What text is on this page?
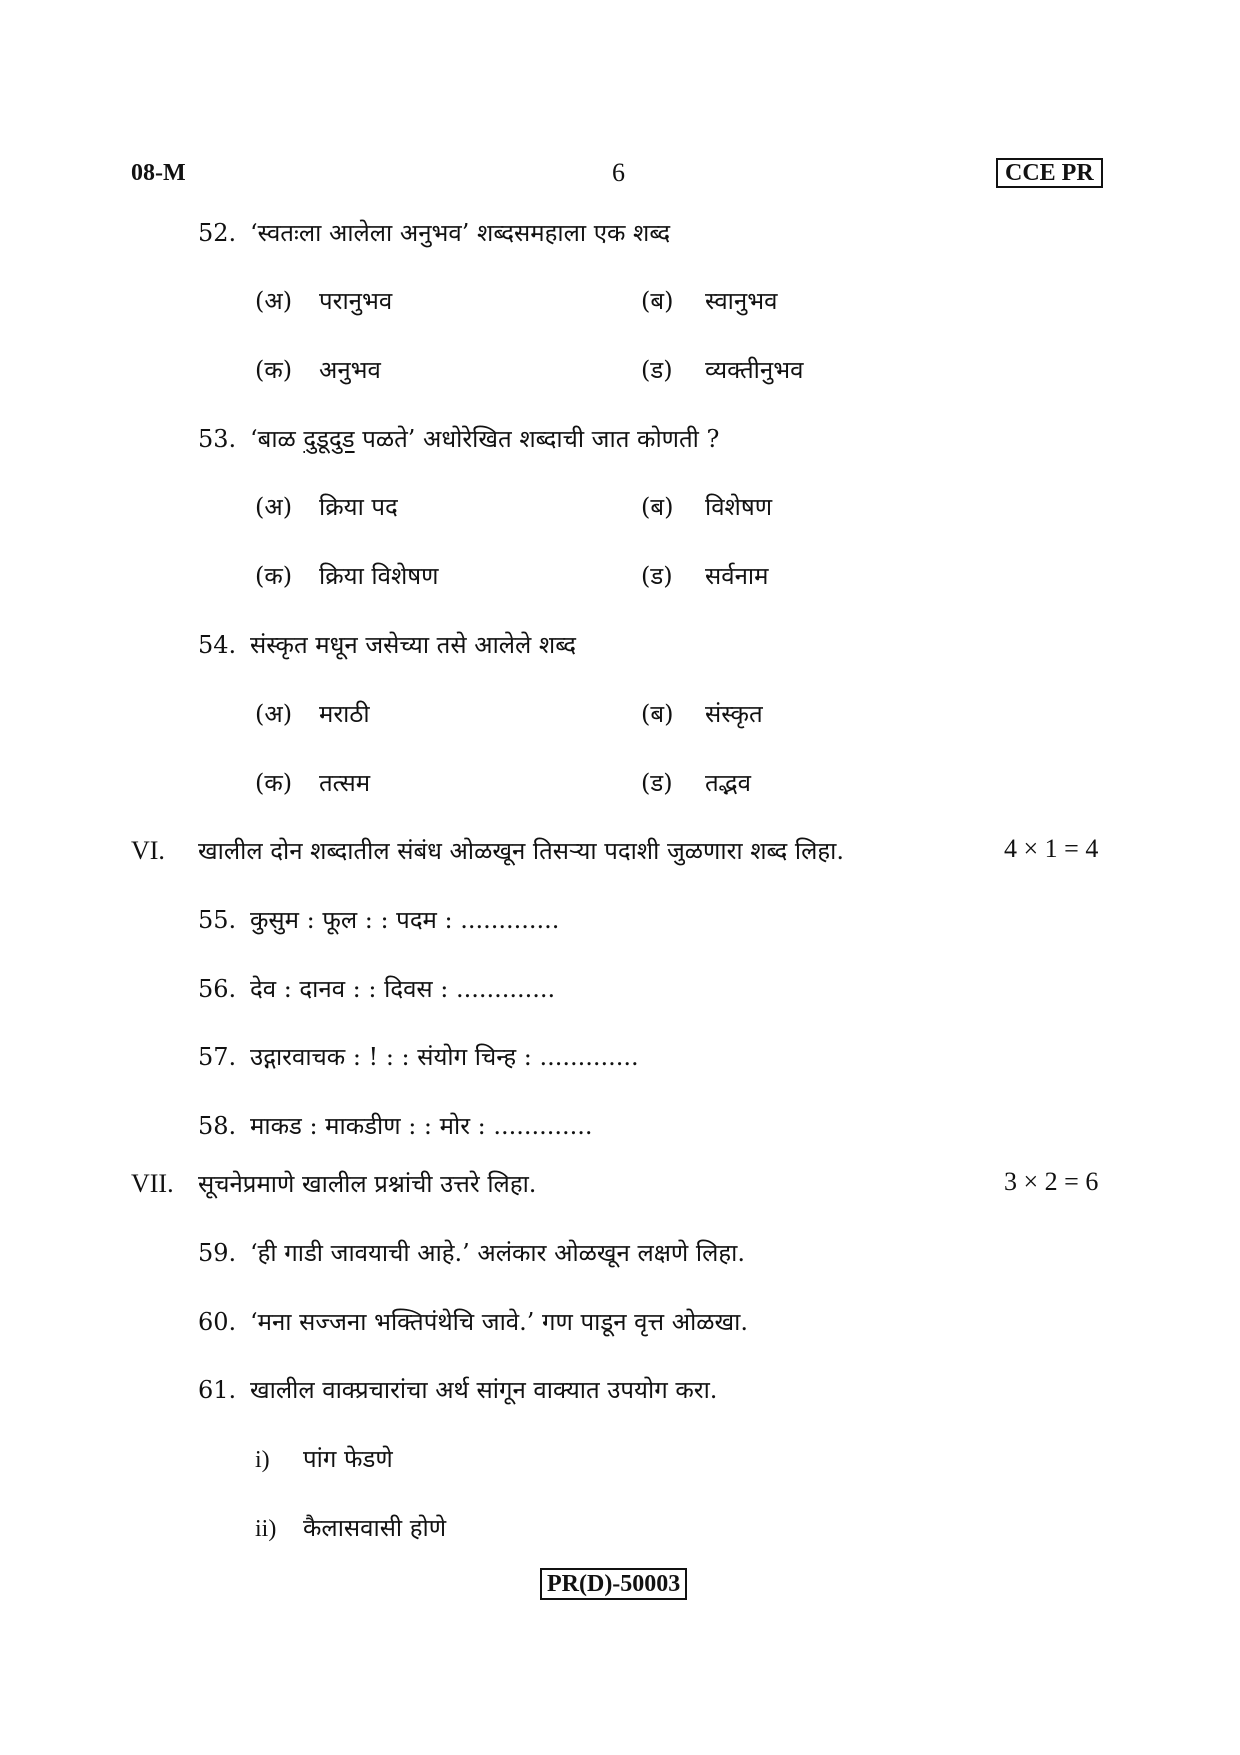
08-M	6	CCE PR
52. ‘स्वतःला आलेला अनुभव’ शब्दसमहाला एक शब्द
(अ) परानुभव	(ब) स्वानुभव
(क) अनुभव	(ड) व्यक्तीनुभव
53. ‘बाळ दुडूदुड पळते’ अधोरेखित शब्दाची जात कोणती ?
(अ) क्रिया पद	(ब) विशेषण
(क) क्रिया विशेषण	(ड) सर्वनाम
54. संस्कृत मधून जसेच्या तसे आलेले शब्द
(अ) मराठी	(ब) संस्कृत
(क) तत्सम	(ड) तद्भव
VI. खालील दोन शब्दातील संबंध ओळखून तिसऱ्या पदाशी जुळणारा शब्द लिहा.	4 × 1 = 4
55. कुसुम : फूल : : पदम : .............
56. देव : दानव : : दिवस : .............
57. उद्गारवाचक : ! : : संयोग चिन्ह : .............
58. माकड : माकडीण : : मोर : .............
VII. सूचनेप्रमाणे खालील प्रश्नांची उत्तरे लिहा.	3 × 2 = 6
59. ‘ही गाडी जावयाची आहे.’ अलंकार ओळखून लक्षणे लिहा.
60. ‘मना सज्जना भक्तिपंथेचि जावे.’ गण पाडून वृत्त ओळखा.
61. खालील वाक्प्रचारांचा अर्थ सांगून वाक्यात उपयोग करा.
i) पांग फेडणे
ii) कैलासवासी होणे
PR(D)-50003
